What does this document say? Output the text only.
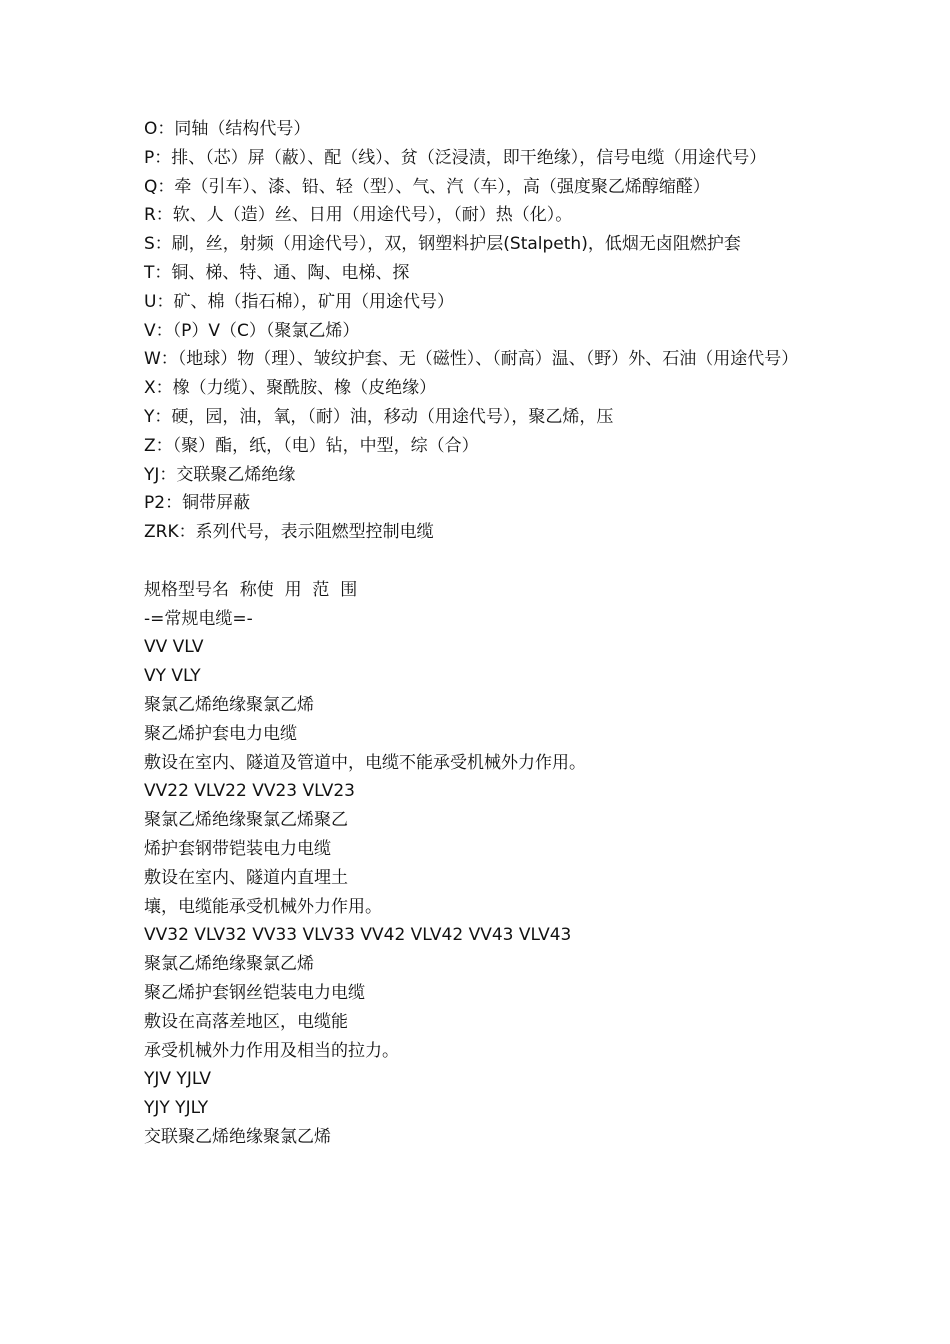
O：同轴（结构代号）
P：排、（芯）屏（蔽）、配（线）、贫（泛浸渍，即干绝缘），信号电缆（用途代号）
Q：牵（引车）、漆、铅、轻（型）、气、汽（车），高（强度聚乙烯醇缩醛）
R：软、人（造）丝、日用（用途代号），（耐）热（化）。
S：刷，丝，射频（用途代号），双，钢塑料护层(Stalpeth)，低烟无卤阻燃护套
T：铜、梯、特、通、陶、电梯、探
U：矿、棉（指石棉），矿用（用途代号）
V：（P）V（C）（聚氯乙烯）
W：（地球）物（理）、皱纹护套、无（磁性）、（耐高）温、（野）外、石油（用途代号）
X：橡（力缆）、聚酰胺、橡（皮绝缘）
Y：硬，园，油，氧，（耐）油，移动（用途代号），聚乙烯，压
Z：（聚）酯，纸，（电）钻，中型，综（合）
YJ：交联聚乙烯绝缘
P2：铜带屏蔽
ZRK：系列代号，表示阻燃型控制电缆
规格型号名  称使  用  范  围
-=常规电缆=-
VV VLV
VY VLY
聚氯乙烯绝缘聚氯乙烯
聚乙烯护套电力电缆
敷设在室内、隧道及管道中，电缆不能承受机械外力作用。
VV22 VLV22 VV23 VLV23
聚氯乙烯绝缘聚氯乙烯聚乙
烯护套钢带铠装电力电缆
敷设在室内、隧道内直埋土
壤，电缆能承受机械外力作用。
VV32 VLV32 VV33 VLV33 VV42 VLV42 VV43 VLV43
聚氯乙烯绝缘聚氯乙烯
聚乙烯护套钢丝铠装电力电缆
敷设在高落差地区，电缆能
承受机械外力作用及相当的拉力。
YJV YJLV
YJY YJLY
交联聚乙烯绝缘聚氯乙烯
